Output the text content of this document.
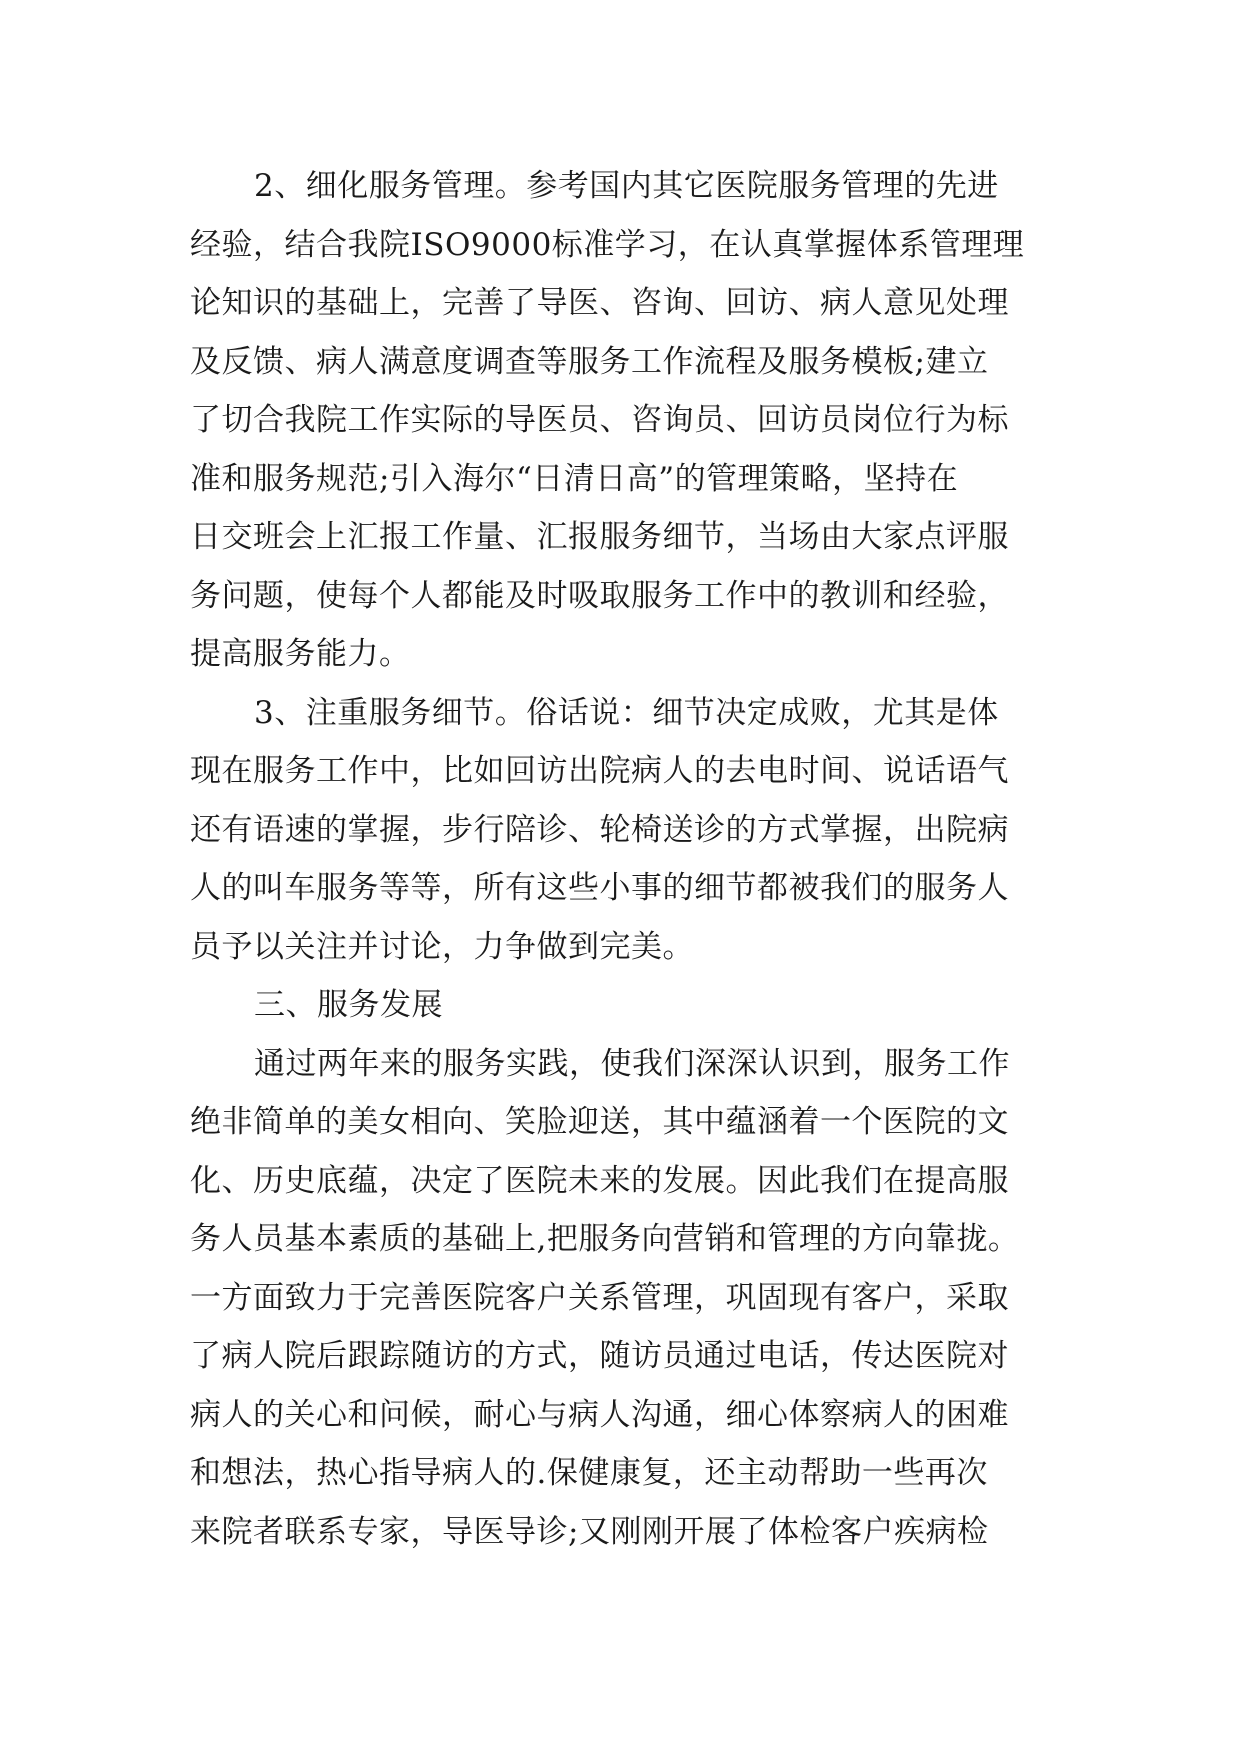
2、细化服务管理。参考国内其它医院服务管理的先进
经验，结合我院ISO9000标准学习，在认真掌握体系管理理
论知识的基础上，完善了导医、咨询、回访、病人意见处理
及反馈、病人满意度调查等服务工作流程及服务模板;建立
了切合我院工作实际的导医员、咨询员、回访员岗位行为标
准和服务规范;引入海尔“日清日高”的管理策略，坚持在
日交班会上汇报工作量、汇报服务细节，当场由大家点评服
务问题，使每个人都能及时吸取服务工作中的教训和经验，
提高服务能力。
3、注重服务细节。俗话说：细节决定成败，尤其是体
现在服务工作中，比如回访出院病人的去电时间、说话语气
还有语速的掌握，步行陪诊、轮椅送诊的方式掌握，出院病
人的叫车服务等等，所有这些小事的细节都被我们的服务人
员予以关注并讨论，力争做到完美。
三、服务发展
通过两年来的服务实践，使我们深深认识到，服务工作
绝非简单的美女相向、笑脸迎送，其中蕴涵着一个医院的文
化、历史底蕴，决定了医院未来的发展。因此我们在提高服
务人员基本素质的基础上,把服务向营销和管理的方向靠拢。
一方面致力于完善医院客户关系管理，巩固现有客户，采取
了病人院后跟踪随访的方式，随访员通过电话，传达医院对
病人的关心和问候，耐心与病人沟通，细心体察病人的困难
和想法，热心指导病人的.保健康复，还主动帮助一些再次
来院者联系专家，导医导诊;又刚刚开展了体检客户疾病检
